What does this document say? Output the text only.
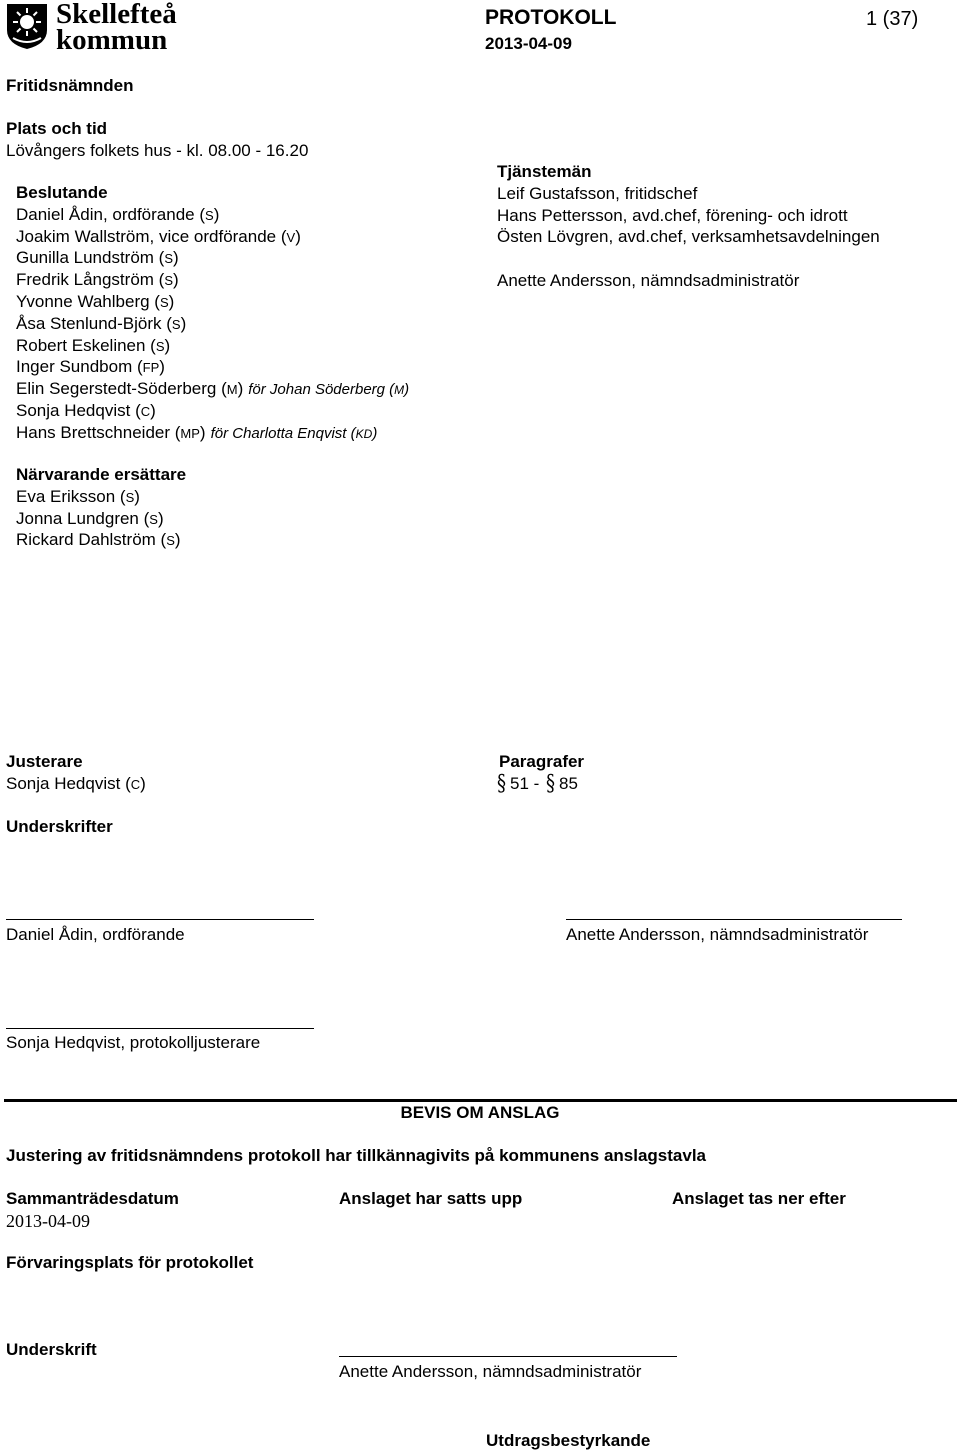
Skellefteå
kommun
PROTOKOLL
2013-04-09
1 (37)
Fritidsnämnden
Plats och tid
Lövångers folkets hus - kl. 08.00 - 16.20
Beslutande
Daniel Ådin, ordförande (S)
Joakim Wallström, vice ordförande (V)
Gunilla Lundström (S)
Fredrik Långström (S)
Yvonne Wahlberg (S)
Åsa Stenlund-Björk (S)
Robert Eskelinen (S)
Inger Sundbom (FP)
Elin Segerstedt-Söderberg (M) för Johan Söderberg (M)
Sonja Hedqvist (C)
Hans Brettschneider (MP) för Charlotta Enqvist (KD)
Tjänstemän
Leif Gustafsson, fritidschef
Hans Pettersson, avd.chef, förening- och idrott
Östen Lövgren, avd.chef, verksamhetsavdelningen
Anette Andersson, nämndsadministratör
Närvarande ersättare
Eva Eriksson (S)
Jonna Lundgren (S)
Rickard Dahlström (S)
Justerare
Sonja Hedqvist (C)
Paragrafer
§ 51 - § 85
Underskrifter
Daniel Ådin, ordförande	Anette Andersson, nämndsadministratör
Sonja Hedqvist, protokolljusterare
BEVIS OM ANSLAG
Justering av fritidsnämndens protokoll har tillkännagivits på kommunens anslagstavla
Sammanträdesdatum
2013-04-09
Anslaget har satts upp	Anslaget tas ner efter
Förvaringsplats för protokollet
Underskrift
Anette Andersson, nämndsadministratör
Utdragsbestyrkande
